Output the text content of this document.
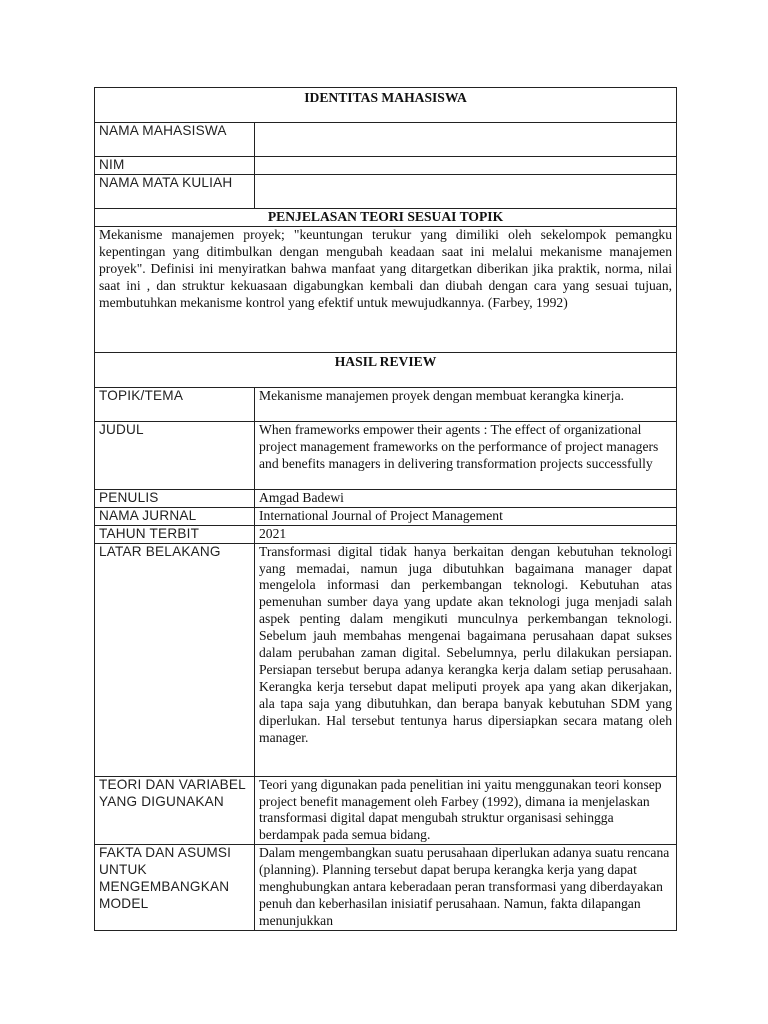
IDENTITAS MAHASISWA	
NAMA MAHASISWA	
NIM	
NAMA MATA KULIAH	
PENJELASAN TEORI SESUAI TOPIK	
Mekanisme manajemen proyek; "keuntungan terukur yang dimiliki oleh sekelompok pemangku kepentingan yang ditimbulkan dengan mengubah keadaan saat ini melalui mekanisme manajemen proyek". Definisi ini menyiratkan bahwa manfaat yang ditargetkan diberikan jika praktik, norma, nilai saat ini , dan struktur kekuasaan digabungkan kembali dan diubah dengan cara yang sesuai tujuan, membutuhkan mekanisme kontrol yang efektif untuk mewujudkannya. (Farbey, 1992)	
HASIL REVIEW	
TOPIK/TEMA	Mekanisme manajemen proyek dengan membuat kerangka kinerja.
JUDUL	When frameworks empower their agents : The effect of organizational project management frameworks on the performance of project managers and benefits managers in delivering transformation projects successfully
PENULIS	Amgad Badewi
NAMA JURNAL	International Journal of Project Management
TAHUN TERBIT	2021
LATAR BELAKANG	Transformasi digital tidak hanya berkaitan dengan kebutuhan teknologi yang memadai, namun juga dibutuhkan bagaimana manager dapat mengelola informasi dan perkembangan teknologi. Kebutuhan atas pemenuhan sumber daya yang update akan teknologi juga menjadi salah aspek penting dalam mengikuti munculnya perkembangan teknologi. Sebelum jauh membahas mengenai bagaimana perusahaan dapat sukses dalam perubahan zaman digital. Sebelumnya, perlu dilakukan persiapan. Persiapan tersebut berupa adanya kerangka kerja dalam setiap perusahaan. Kerangka kerja tersebut dapat meliputi proyek apa yang akan dikerjakan, ala tapa saja yang dibutuhkan, dan berapa banyak kebutuhan SDM yang diperlukan. Hal tersebut tentunya harus dipersiapkan secara matang oleh manager.
TEORI DAN VARIABEL YANG DIGUNAKAN	Teori yang digunakan pada penelitian ini yaitu menggunakan teori konsep project benefit management oleh Farbey (1992), dimana ia menjelaskan transformasi digital dapat mengubah struktur organisasi sehingga berdampak pada semua bidang.
FAKTA DAN ASUMSI UNTUK MENGEMBANGKAN MODEL	Dalam mengembangkan suatu perusahaan diperlukan adanya suatu rencana (planning). Planning tersebut dapat berupa kerangka kerja yang dapat menghubungkan antara keberadaan peran transformasi yang diberdayakan penuh dan keberhasilan inisiatif perusahaan. Namun, fakta dilapangan menunjukkan
